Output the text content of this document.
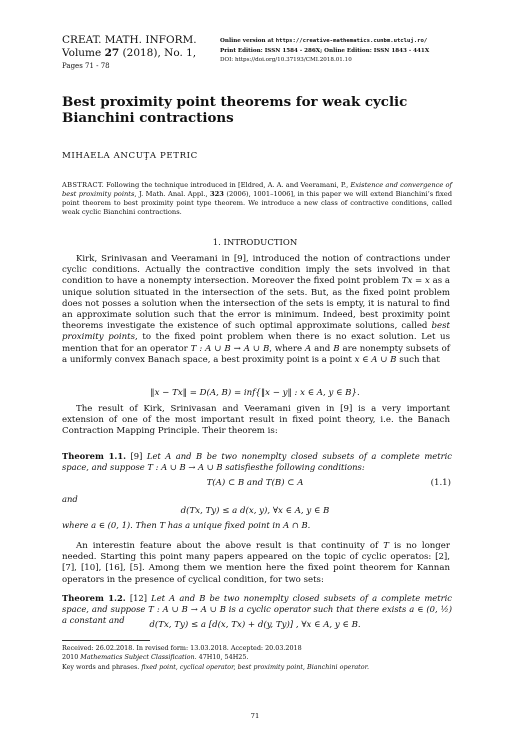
CREAT. MATH. INFORM.
Volume 27 (2018), No. 1,
Pages 71 - 78
Online version at https://creative-mathematics.cunbm.utcluj.ro/
Print Edition: ISSN 1584 - 286X; Online Edition: ISSN 1843 - 441X
DOI: https://doi.org/10.37193/CMI.2018.01.10
Best proximity point theorems for weak cyclic Bianchini contractions
MIHAELA ANCUŢA PETRIC
ABSTRACT. Following the technique introduced in [Eldred, A. A. and Veeramani, P., Existence and convergence of best proximity points, J. Math. Anal. Appl., 323 (2006), 1001–1006], in this paper we will extend Bianchini’s fixed point theorem to best proximity point type theorem. We introduce a new class of contractive conditions, called weak cyclic Bianchini contractions.
1. INTRODUCTION
Kirk, Srinivasan and Veeramani in [9], introduced the notion of contractions under cyclic conditions. Actually the contractive condition imply the sets involved in that condition to have a nonempty intersection. Moreover the fixed point problem Tx = x as a unique solution situated in the intersection of the sets. But, as the fixed point problem does not posses a solution when the intersection of the sets is empty, it is natural to find an approximate solution such that the error is minimum. Indeed, best proximity point theorems investigate the existence of such optimal approximate solutions, called best proximity points, to the fixed point problem when there is no exact solution. Let us mention that for an operator T : A ∪ B → A ∪ B, where A and B are nonempty subsets of a uniformly convex Banach space, a best proximity point is a point x ∈ A ∪ B such that
‖x − Tx‖ = D(A, B) = inf{‖x − y‖ : x ∈ A, y ∈ B}.
The result of Kirk, Srinivasan and Veeramani given in [9] is a very important extension of one of the most important result in fixed point theory, i.e. the Banach Contraction Mapping Principle. Their theorem is:
Theorem 1.1. [9] Let A and B be two nonemplty closed subsets of a complete metric space, and suppose T : A ∪ B → A ∪ B satisfiesthe following conditions:
T(A) ⊂ B and T(B) ⊂ A	(1.1)
and
d(Tx, Ty) ≤ a d(x, y), ∀x ∈ A, y ∈ B
where a ∈ (0, 1). Then T has a unique fixed point in A ∩ B.
An interestin feature about the above result is that continuity of T is no longer needed. Starting this point many papers appeared on the topic of cyclic operatos: [2], [7], [10], [16], [5]. Among them we mention here the fixed point theorem for Kannan operators in the presence of cyclical condition, for two sets:
Theorem 1.2. [12] Let A and B be two nonemplty closed subsets of a complete metric space, and suppose T : A ∪ B → A ∪ B is a cyclic operator such that there exists a ∈ (0, ½) a constant and	d(Tx, Ty) ≤ a [d(x, Tx) + d(y, Ty)] , ∀x ∈ A, y ∈ B.
Received: 26.02.2018. In revised form: 13.03.2018. Accepted: 20.03.2018
2010 Mathematics Subject Classification. 47H10, 54H25.
Key words and phrases. fixed point, cyclical operator, best proximity point, Bianchini operator.
71
